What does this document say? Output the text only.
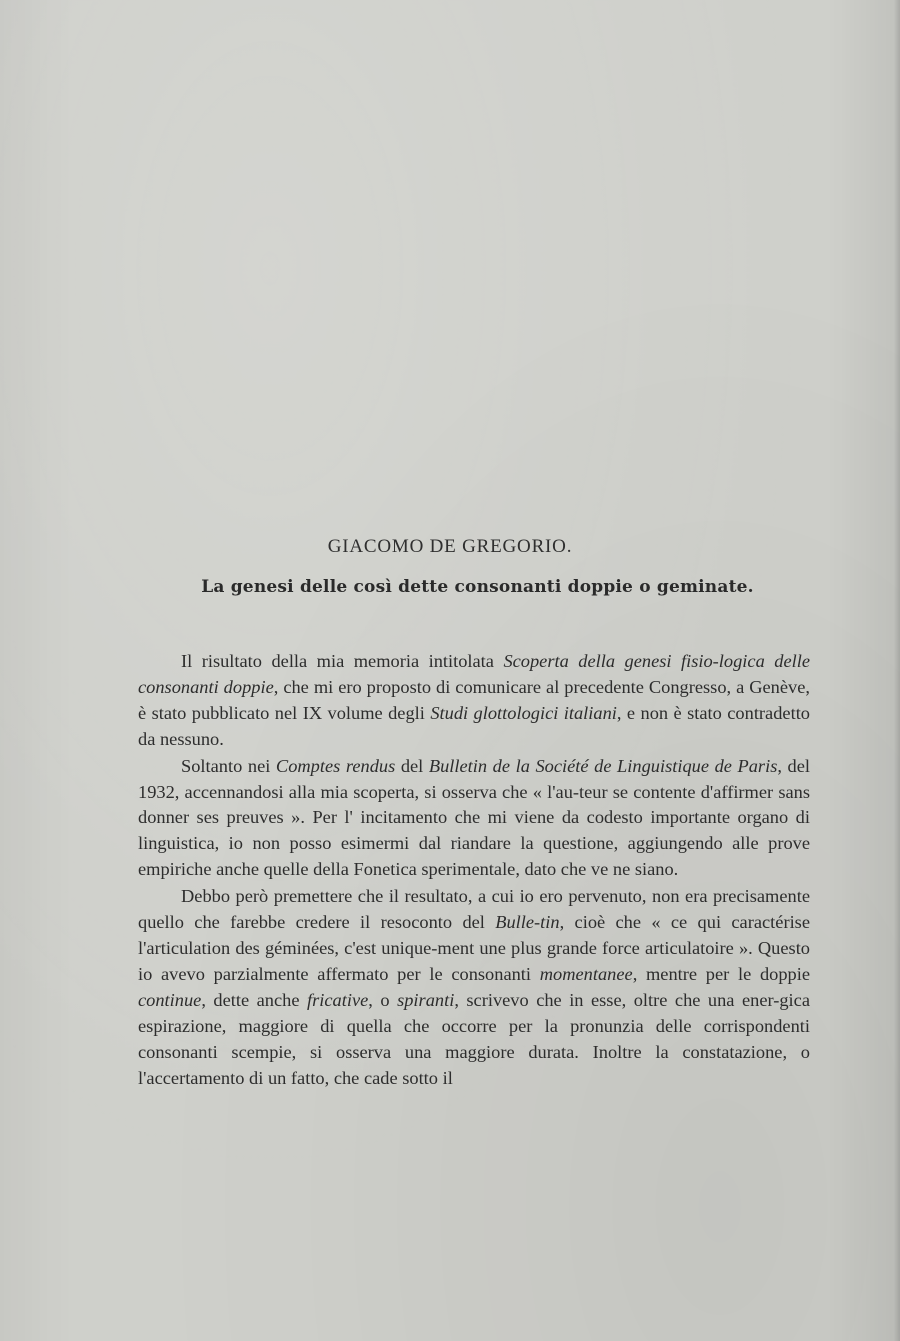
GIACOMO DE GREGORIO.
La genesi delle così dette consonanti doppie o geminate.

Il risultato della mia memoria intitolata Scoperta della genesi fisio-logica delle consonanti doppie, che mi ero proposto di comunicare al precedente Congresso, a Genève, è stato pubblicato nel IX volume degli Studi glottologici italiani, e non è stato contradetto da nessuno.

Soltanto nei Comptes rendus del Bulletin de la Société de Linguistique de Paris, del 1932, accennandosi alla mia scoperta, si osserva che « l'au-teur se contente d'affirmer sans donner ses preuves ». Per l' incitamento che mi viene da codesto importante organo di linguistica, io non posso esimermi dal riandare la questione, aggiungendo alle prove empiriche anche quelle della Fonetica sperimentale, dato che ve ne siano.

Debbo però premettere che il resultato, a cui io ero pervenuto, non era precisamente quello che farebbe credere il resoconto del Bulle-tin, cioè che « ce qui caractérise l'articulation des géminées, c'est unique-ment une plus grande force articulatoire ». Questo io avevo parzialmente affermato per le consonanti momentanee, mentre per le doppie continue, dette anche fricative, o spiranti, scrivevo che in esse, oltre che una ener-gica espirazione, maggiore di quella che occorre per la pronunzia delle corrispondenti consonanti scempie, si osserva una maggiore durata. Inoltre la constatazione, o l'accertamento di un fatto, che cade sotto il
